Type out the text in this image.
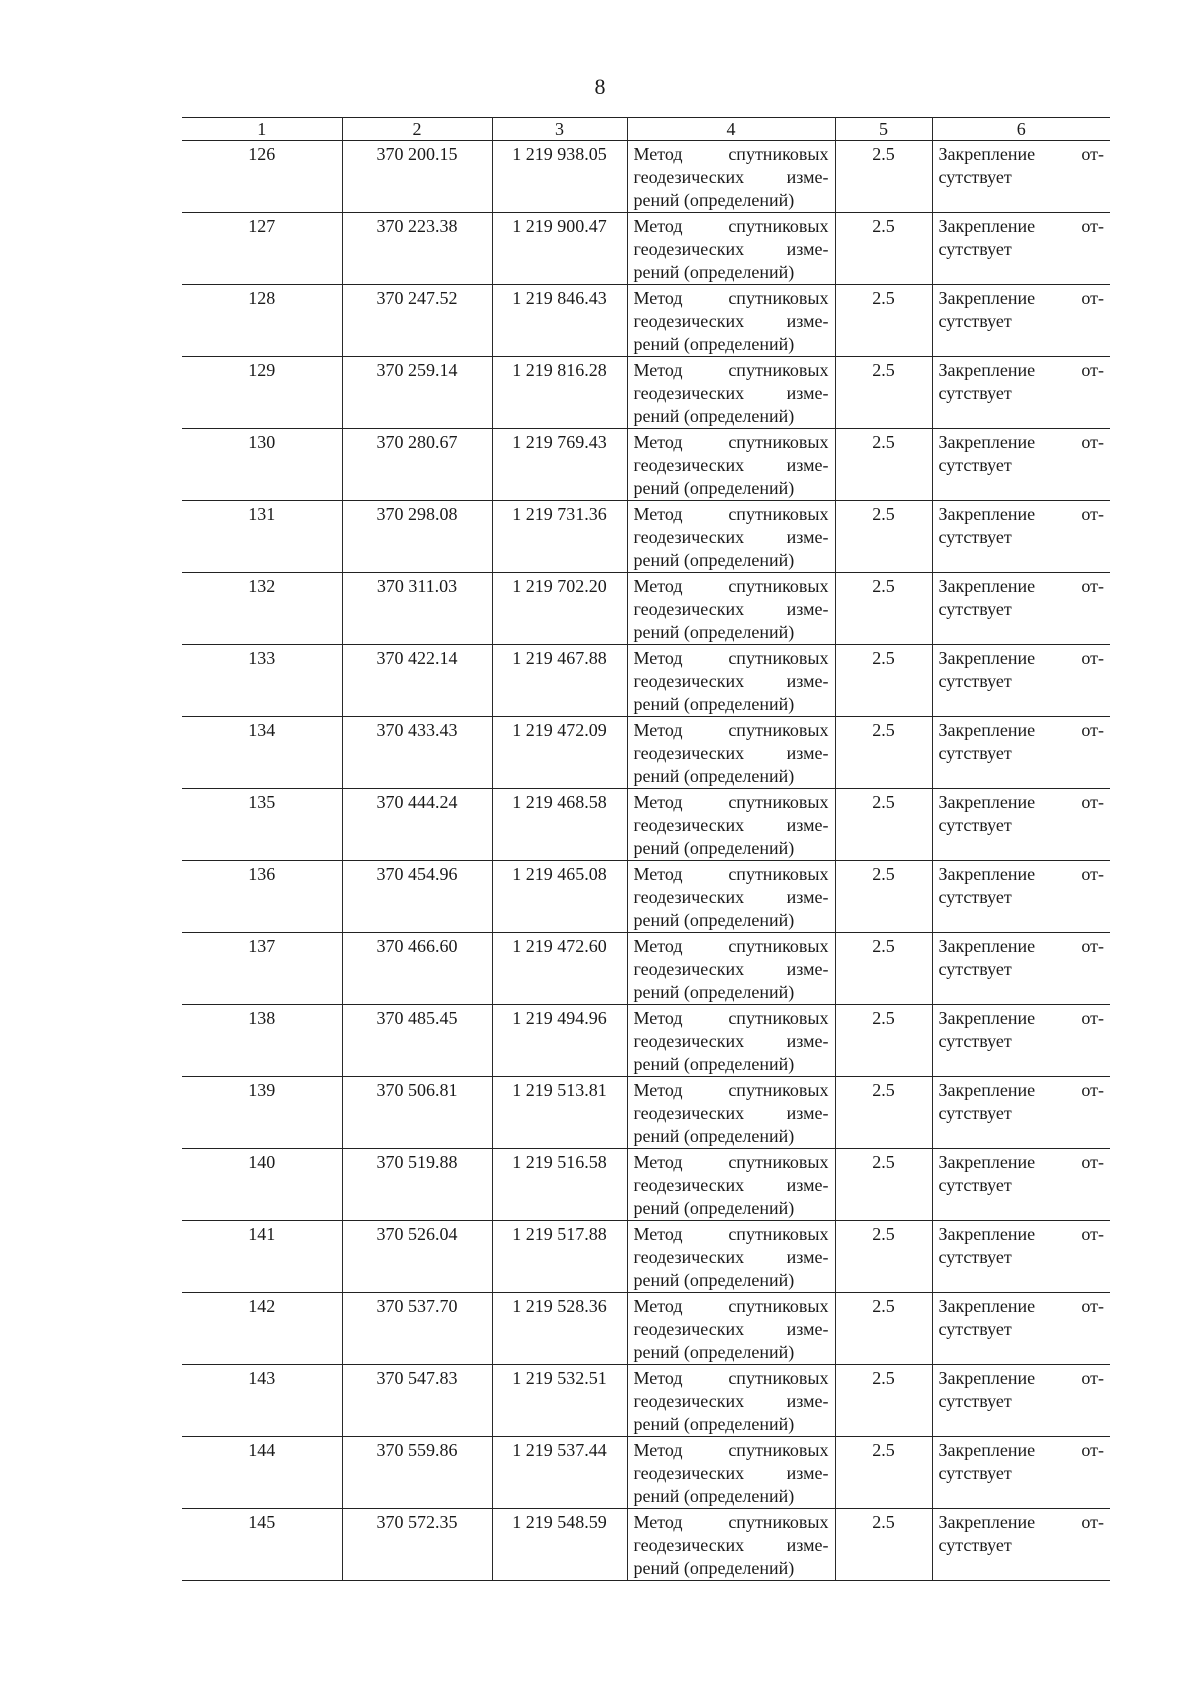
8
1	2	3	4	5	6
126	370 200.15	1 219 938.05	Метод спутниковых геодезических изме-рений (определений)	2.5	Закрепление от-сутствует
127	370 223.38	1 219 900.47	Метод спутниковых геодезических изме-рений (определений)	2.5	Закрепление от-сутствует
128	370 247.52	1 219 846.43	Метод спутниковых геодезических изме-рений (определений)	2.5	Закрепление от-сутствует
129	370 259.14	1 219 816.28	Метод спутниковых геодезических изме-рений (определений)	2.5	Закрепление от-сутствует
130	370 280.67	1 219 769.43	Метод спутниковых геодезических изме-рений (определений)	2.5	Закрепление от-сутствует
131	370 298.08	1 219 731.36	Метод спутниковых геодезических изме-рений (определений)	2.5	Закрепление от-сутствует
132	370 311.03	1 219 702.20	Метод спутниковых геодезических изме-рений (определений)	2.5	Закрепление от-сутствует
133	370 422.14	1 219 467.88	Метод спутниковых геодезических изме-рений (определений)	2.5	Закрепление от-сутствует
134	370 433.43	1 219 472.09	Метод спутниковых геодезических изме-рений (определений)	2.5	Закрепление от-сутствует
135	370 444.24	1 219 468.58	Метод спутниковых геодезических изме-рений (определений)	2.5	Закрепление от-сутствует
136	370 454.96	1 219 465.08	Метод спутниковых геодезических изме-рений (определений)	2.5	Закрепление от-сутствует
137	370 466.60	1 219 472.60	Метод спутниковых геодезических изме-рений (определений)	2.5	Закрепление от-сутствует
138	370 485.45	1 219 494.96	Метод спутниковых геодезических изме-рений (определений)	2.5	Закрепление от-сутствует
139	370 506.81	1 219 513.81	Метод спутниковых геодезических изме-рений (определений)	2.5	Закрепление от-сутствует
140	370 519.88	1 219 516.58	Метод спутниковых геодезических изме-рений (определений)	2.5	Закрепление от-сутствует
141	370 526.04	1 219 517.88	Метод спутниковых геодезических изме-рений (определений)	2.5	Закрепление от-сутствует
142	370 537.70	1 219 528.36	Метод спутниковых геодезических изме-рений (определений)	2.5	Закрепление от-сутствует
143	370 547.83	1 219 532.51	Метод спутниковых геодезических изме-рений (определений)	2.5	Закрепление от-сутствует
144	370 559.86	1 219 537.44	Метод спутниковых геодезических изме-рений (определений)	2.5	Закрепление от-сутствует
145	370 572.35	1 219 548.59	Метод спутниковых геодезических изме-рений (определений)	2.5	Закрепление от-сутствует
